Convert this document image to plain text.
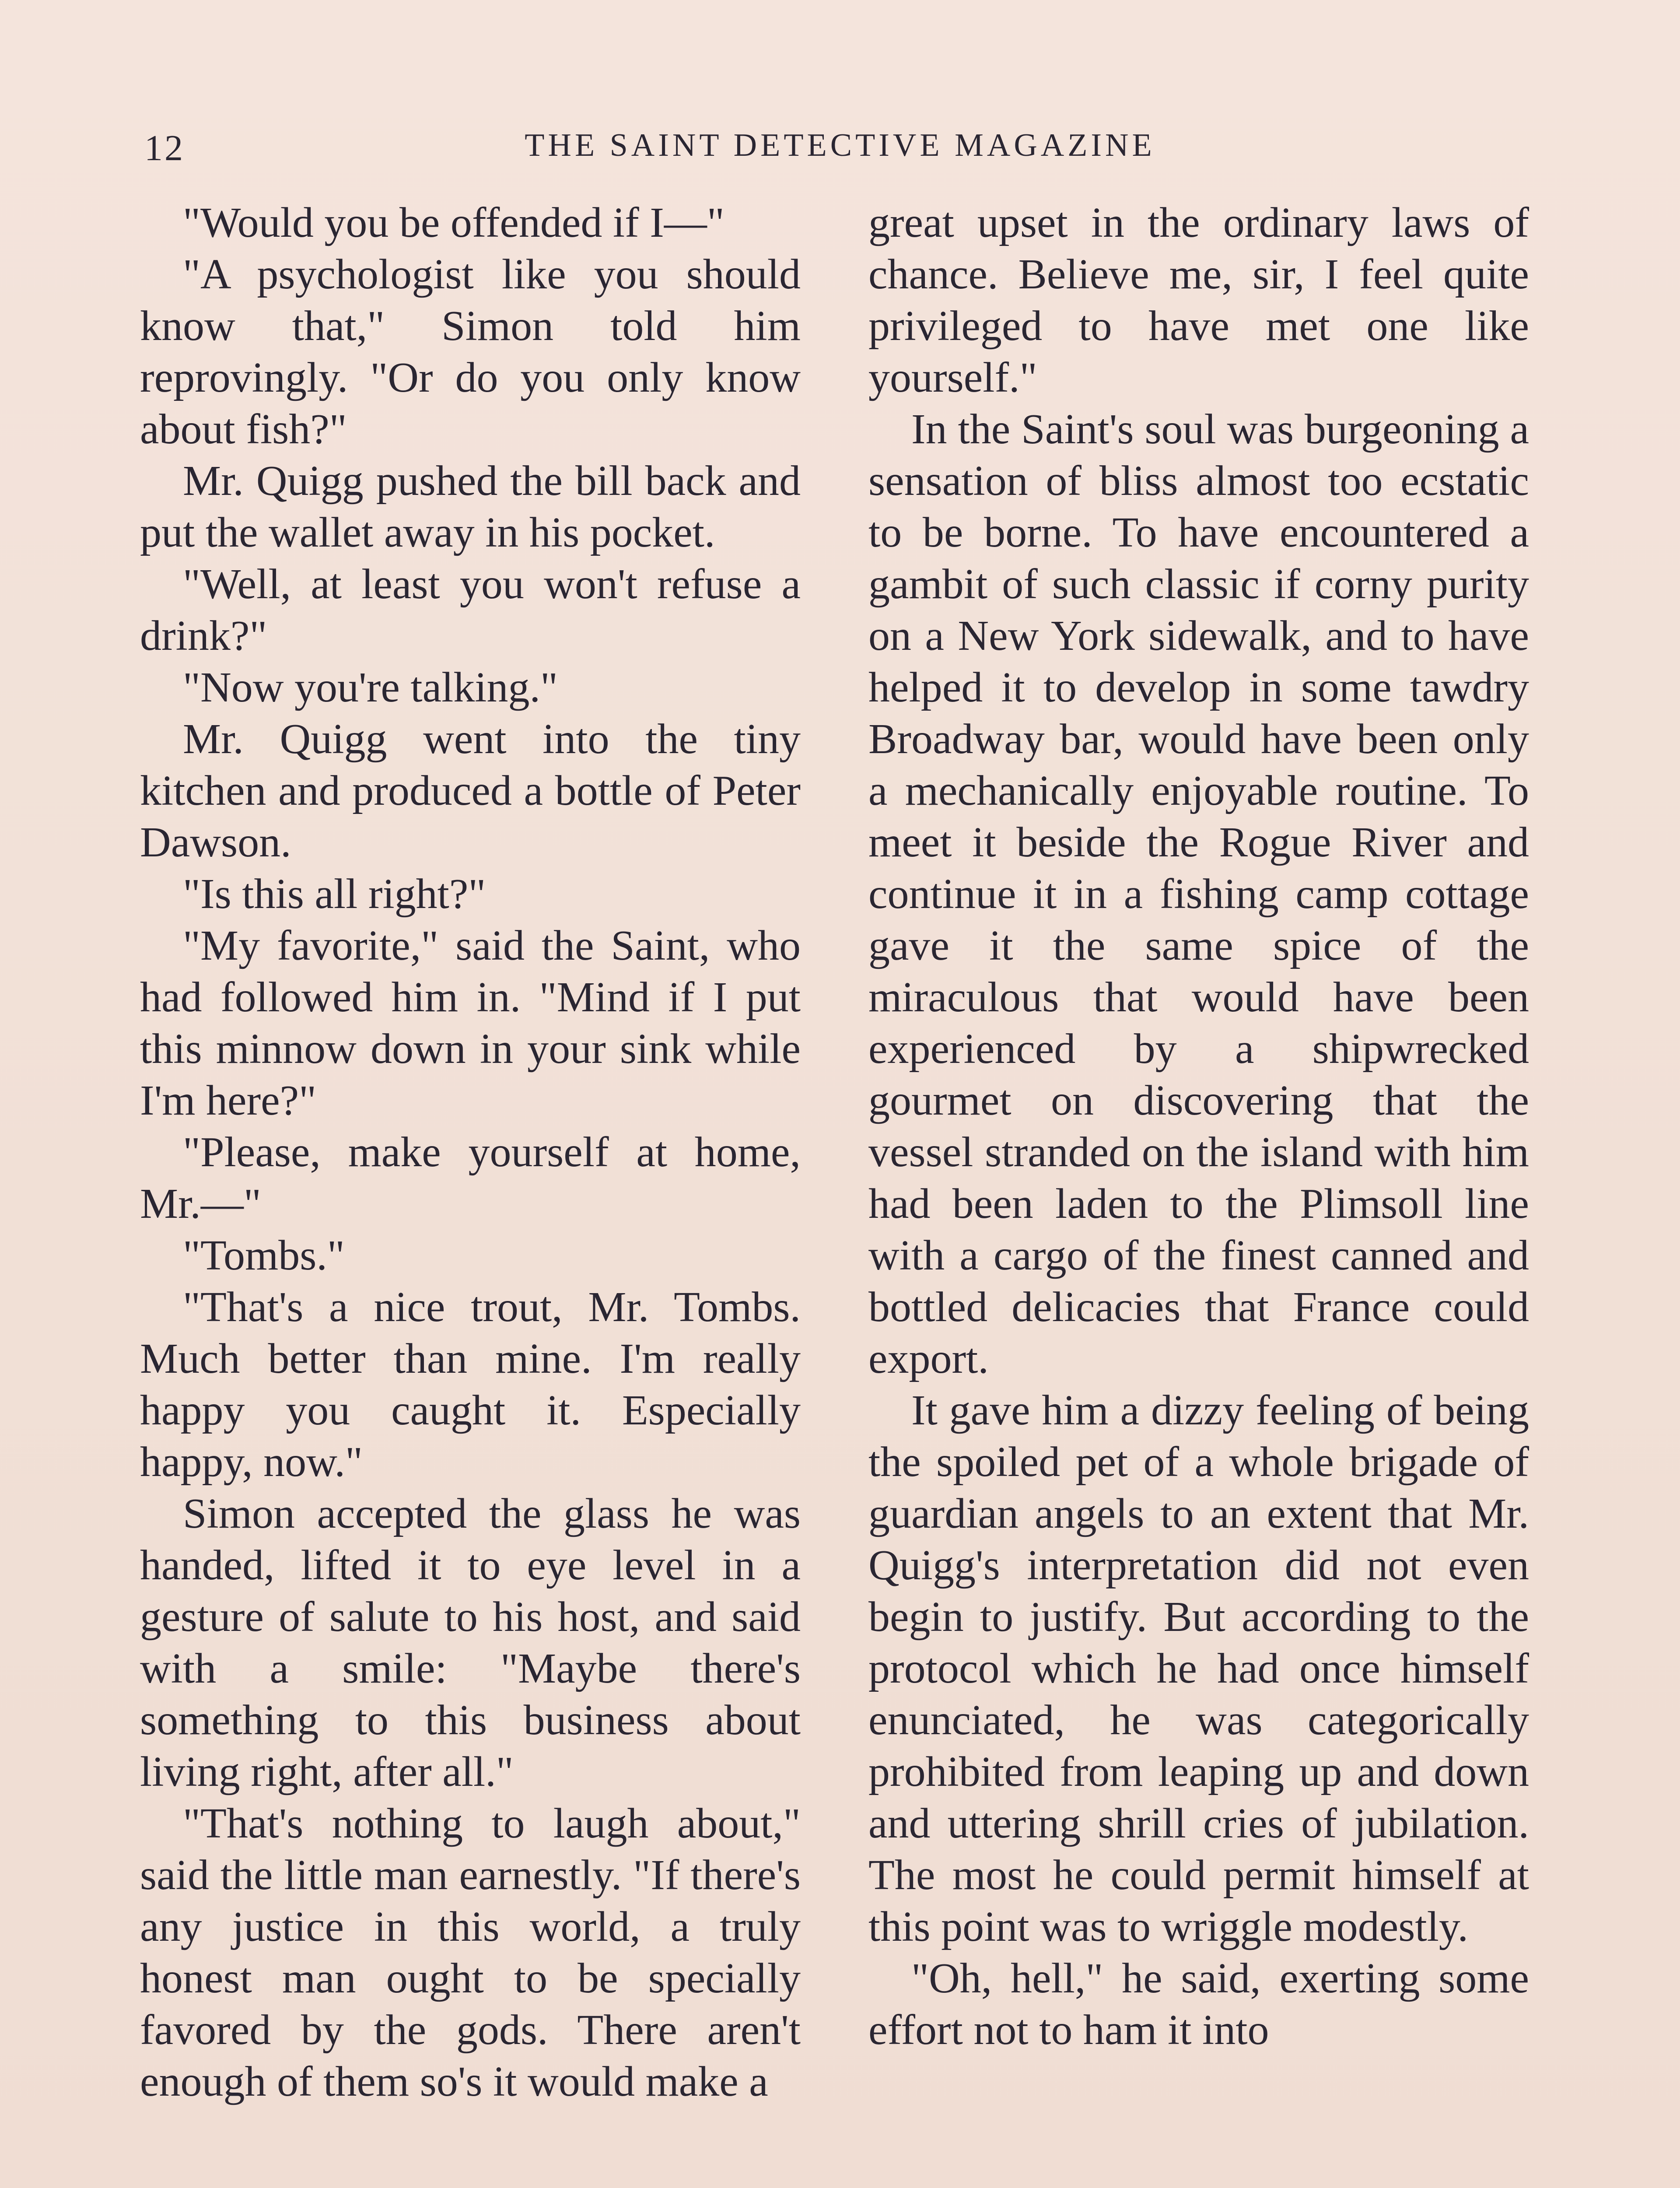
12	THE SAINT DETECTIVE MAGAZINE

"Would you be offended if I—"

"A psychologist like you should know that," Simon told him reprovingly. "Or do you only know about fish?"

Mr. Quigg pushed the bill back and put the wallet away in his pocket.

"Well, at least you won't refuse a drink?"

"Now you're talking."

Mr. Quigg went into the tiny kitchen and produced a bottle of Peter Dawson.

"Is this all right?"

"My favorite," said the Saint, who had followed him in. "Mind if I put this minnow down in your sink while I'm here?"

"Please, make yourself at home, Mr.—"

"Tombs."

"That's a nice trout, Mr. Tombs. Much better than mine. I'm really happy you caught it. Especially happy, now."

Simon accepted the glass he was handed, lifted it to eye level in a gesture of salute to his host, and said with a smile: "Maybe there's something to this business about living right, after all."

"That's nothing to laugh about," said the little man earnestly. "If there's any justice in this world, a truly honest man ought to be specially favored by the gods. There aren't enough of them so's it would make a

great upset in the ordinary laws of chance. Believe me, sir, I feel quite privileged to have met one like yourself."

In the Saint's soul was burgeoning a sensation of bliss almost too ecstatic to be borne. To have encountered a gambit of such classic if corny purity on a New York sidewalk, and to have helped it to develop in some tawdry Broadway bar, would have been only a mechanically enjoyable routine. To meet it beside the Rogue River and continue it in a fishing camp cottage gave it the same spice of the miraculous that would have been experienced by a shipwrecked gourmet on discovering that the vessel stranded on the island with him had been laden to the Plimsoll line with a cargo of the finest canned and bottled delicacies that France could export.

It gave him a dizzy feeling of being the spoiled pet of a whole brigade of guardian angels to an extent that Mr. Quigg's interpretation did not even begin to justify. But according to the protocol which he had once himself enunciated, he was categorically prohibited from leaping up and down and uttering shrill cries of jubilation. The most he could permit himself at this point was to wriggle modestly.

"Oh, hell," he said, exerting some effort not to ham it into
